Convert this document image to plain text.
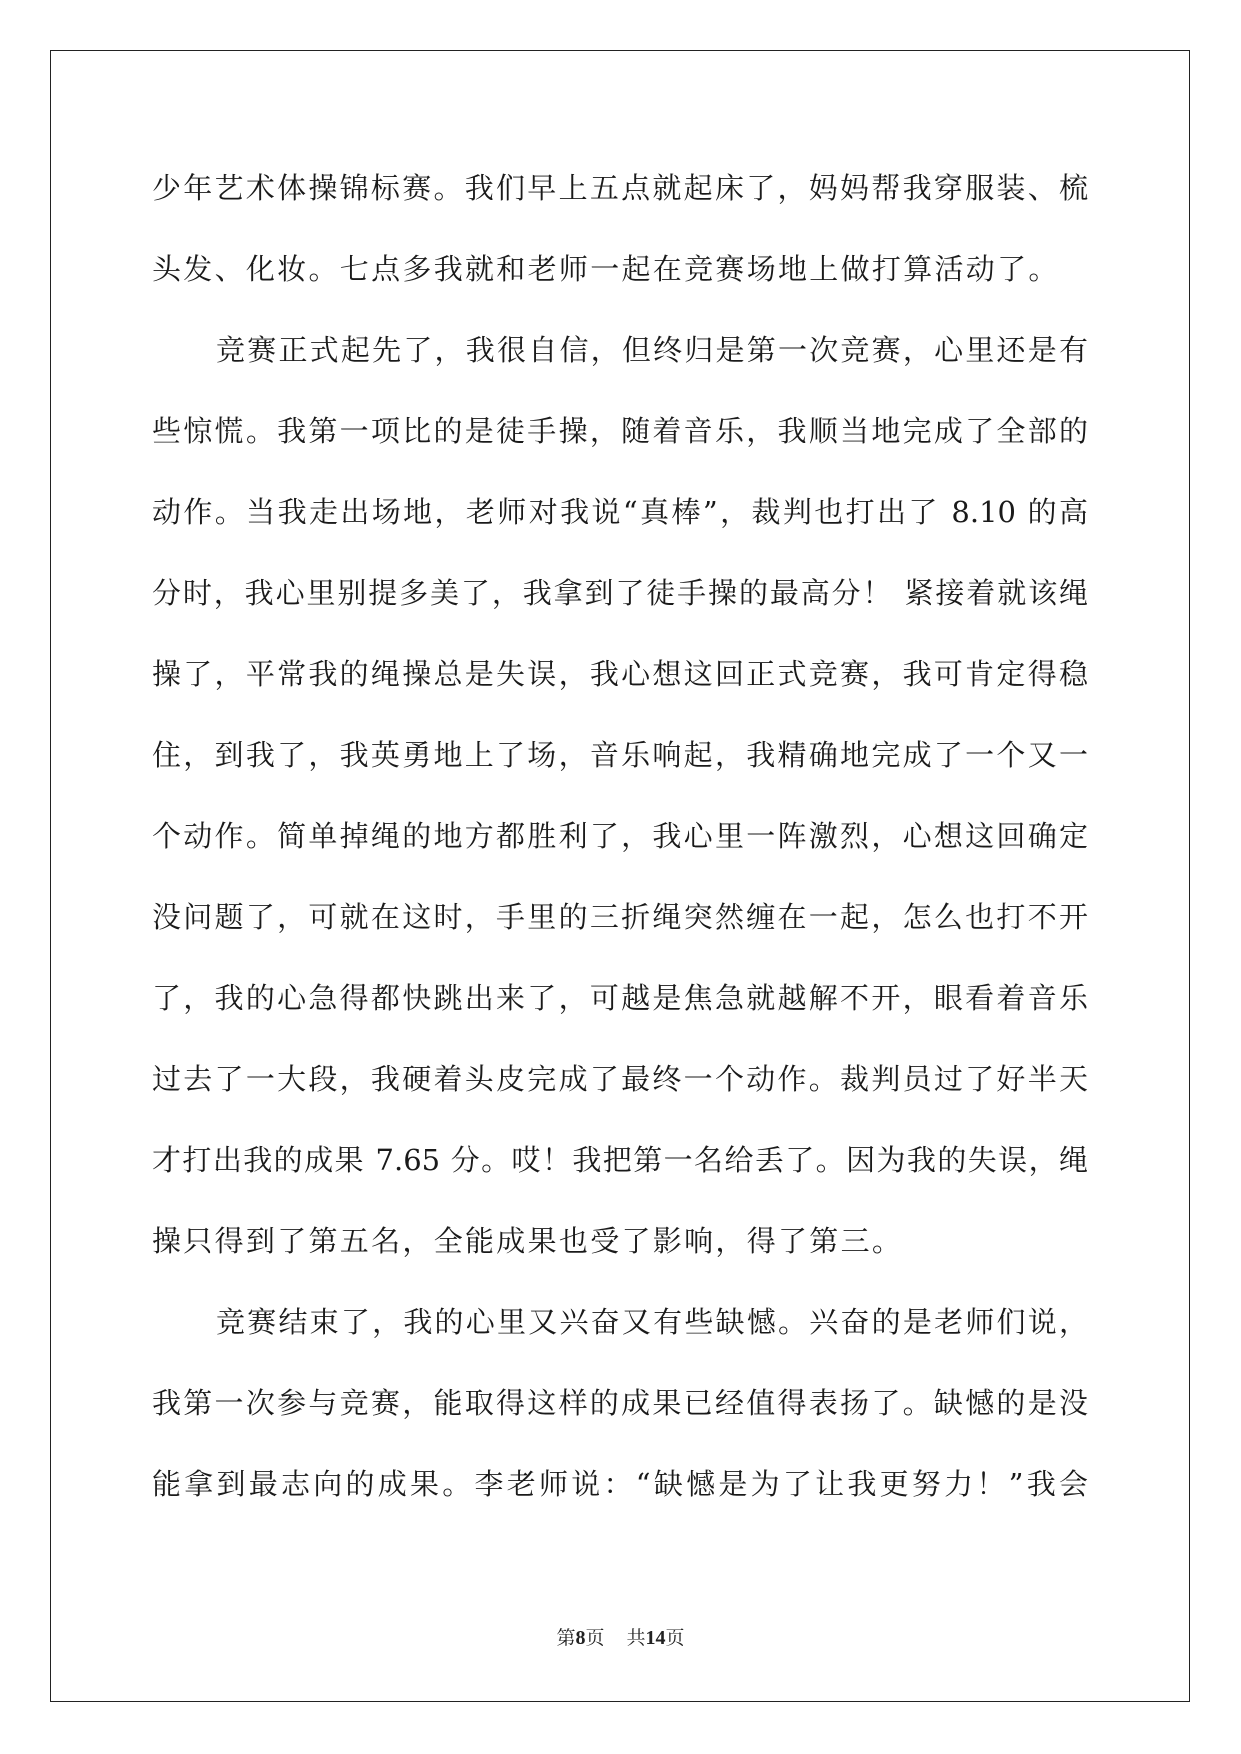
少年艺术体操锦标赛。我们早上五点就起床了，妈妈帮我穿服装、梳
头发、化妆。七点多我就和老师一起在竞赛场地上做打算活动了。
竞赛正式起先了，我很自信，但终归是第一次竞赛，心里还是有
些惊慌。我第一项比的是徒手操，随着音乐，我顺当地完成了全部的
动作。当我走出场地，老师对我说“真棒”，裁判也打出了 8.10 的高
分时，我心里别提多美了，我拿到了徒手操的最高分！ 紧接着就该绳
操了，平常我的绳操总是失误，我心想这回正式竞赛，我可肯定得稳
住，到我了，我英勇地上了场，音乐响起，我精确地完成了一个又一
个动作。简单掉绳的地方都胜利了，我心里一阵激烈，心想这回确定
没问题了，可就在这时，手里的三折绳突然缠在一起，怎么也打不开
了，我的心急得都快跳出来了，可越是焦急就越解不开，眼看着音乐
过去了一大段，我硬着头皮完成了最终一个动作。裁判员过了好半天
才打出我的成果 7.65 分。哎！我把第一名给丢了。因为我的失误，绳
操只得到了第五名，全能成果也受了影响，得了第三。
竞赛结束了，我的心里又兴奋又有些缺憾。兴奋的是老师们说，
我第一次参与竞赛，能取得这样的成果已经值得表扬了。缺憾的是没
能拿到最志向的成果。李老师说：“缺憾是为了让我更努力！”我会
第8页 共14页
